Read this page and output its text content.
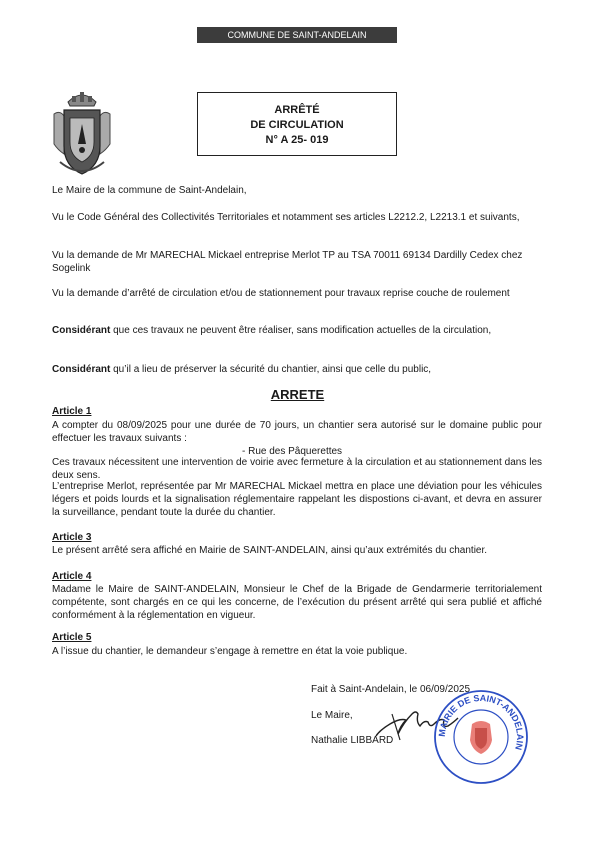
COMMUNE DE SAINT-ANDELAIN
ARRÊTÉ
DE CIRCULATION
N° A 25- 019
Le Maire de la commune de Saint-Andelain,
Vu le Code Général des Collectivités Territoriales et notamment ses articles L2212.2, L2213.1 et suivants,
Vu la demande de Mr MARECHAL Mickael entreprise Merlot TP au TSA 70011 69134 Dardilly Cedex chez Sogelink
Vu la demande d’arrêté de circulation et/ou de stationnement pour travaux reprise couche de roulement
Considérant que ces travaux ne peuvent être réaliser, sans modification actuelles de la circulation,
Considérant qu’il a lieu de préserver la sécurité du chantier, ainsi que celle du public,
ARRETE
Article 1
A compter du 08/09/2025 pour une durée de 70 jours, un chantier sera autorisé sur le domaine public pour effectuer les travaux suivants :
- Rue des Pâquerettes
Ces travaux nécessitent une intervention de voirie avec fermeture à la circulation et au stationnement dans les deux sens.
L’entreprise Merlot, représentée par Mr MARECHAL Mickael mettra en place une déviation pour les véhicules légers et poids lourds et la signalisation réglementaire rappelant les dispostions ci-avant, et devra en assurer la surveillance, pendant toute la durée du chantier.
Article 3
Le présent arrêté sera affiché en Mairie de SAINT-ANDELAIN, ainsi qu’aux extrémités du chantier.
Article 4
Madame le Maire de SAINT-ANDELAIN, Monsieur le Chef de la Brigade de Gendarmerie territorialement compétente, sont chargés en ce qui les concerne, de l’exécution du présent arrêté qui sera publié et affiché conformément à la réglementation en vigueur.
Article 5
A l’issue du chantier, le demandeur s’engage à remettre en état la voie publique.
Fait à Saint-Andelain, le 06/09/2025
Le Maire,
Nathalie LIBBARD
MAIRIE DE SAINT-ANDELAIN
